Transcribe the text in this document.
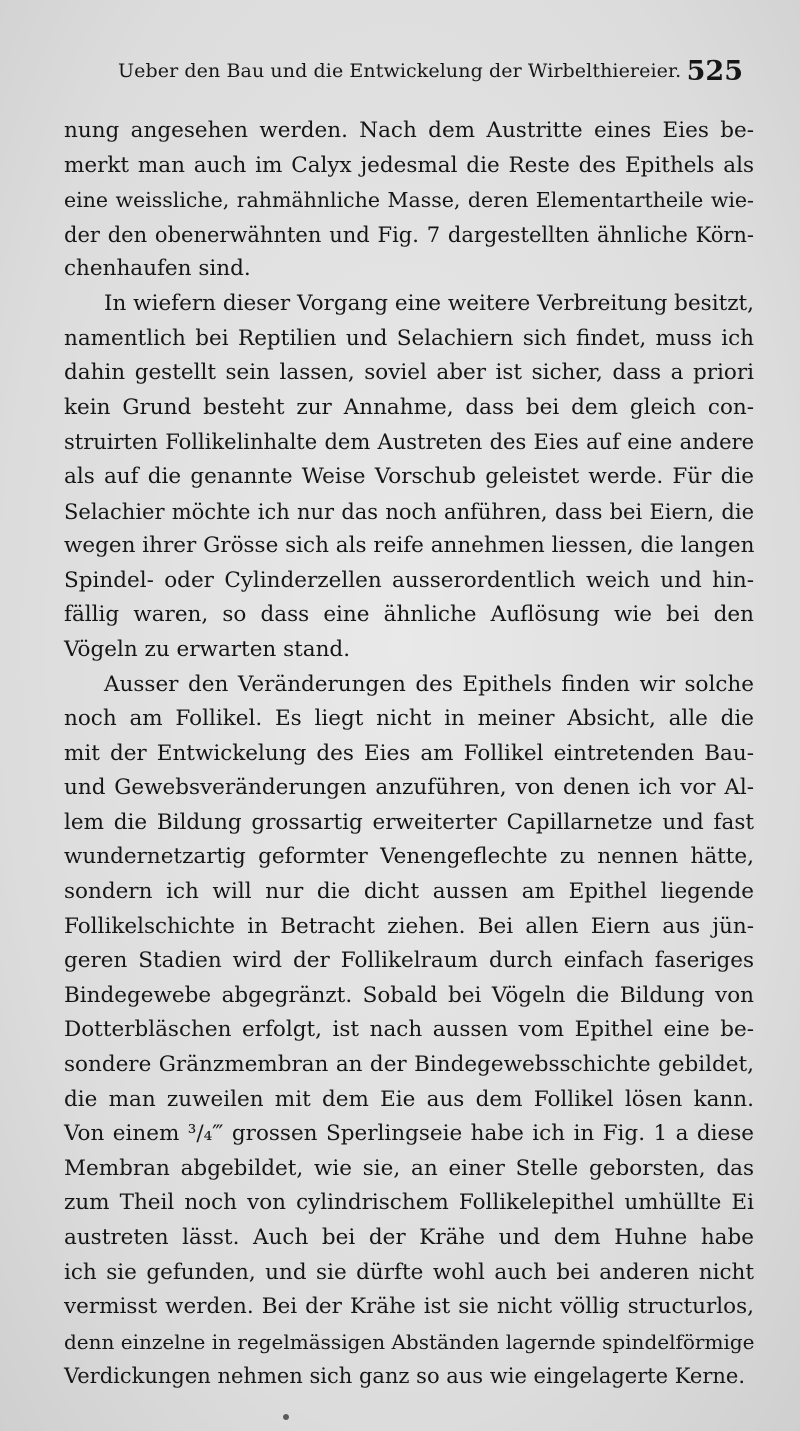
Ueber den Bau und die Entwickelung der Wirbelthiereier. 525
nung angesehen werden. Nach dem Austritte eines Eies be-
merkt man auch im Calyx jedesmal die Reste des Epithels als
eine weissliche, rahmähnliche Masse, deren Elementartheile wie-
der den obenerwähnten und Fig. 7 dargestellten ähnliche Körn-
chenhaufen sind.
In wiefern dieser Vorgang eine weitere Verbreitung besitzt,
namentlich bei Reptilien und Selachiern sich findet, muss ich
dahin gestellt sein lassen, soviel aber ist sicher, dass a priori
kein Grund besteht zur Annahme, dass bei dem gleich con-
struirten Follikelinhalte dem Austreten des Eies auf eine andere
als auf die genannte Weise Vorschub geleistet werde. Für die
Selachier möchte ich nur das noch anführen, dass bei Eiern, die
wegen ihrer Grösse sich als reife annehmen liessen, die langen
Spindel- oder Cylinderzellen ausserordentlich weich und hin-
fällig waren, so dass eine ähnliche Auflösung wie bei den
Vögeln zu erwarten stand.
Ausser den Veränderungen des Epithels finden wir solche
noch am Follikel. Es liegt nicht in meiner Absicht, alle die
mit der Entwickelung des Eies am Follikel eintretenden Bau-
und Gewebsveränderungen anzuführen, von denen ich vor Al-
lem die Bildung grossartig erweiterter Capillarnetze und fast
wundernetzartig geformter Venengeflechte zu nennen hätte,
sondern ich will nur die dicht aussen am Epithel liegende
Follikelschichte in Betracht ziehen. Bei allen Eiern aus jün-
geren Stadien wird der Follikelraum durch einfach faseriges
Bindegewebe abgegränzt. Sobald bei Vögeln die Bildung von
Dotterbläschen erfolgt, ist nach aussen vom Epithel eine be-
sondere Gränzmembran an der Bindegewebsschichte gebildet,
die man zuweilen mit dem Eie aus dem Follikel lösen kann.
Von einem ³/₄‴ grossen Sperlingseie habe ich in Fig. 1 a diese
Membran abgebildet, wie sie, an einer Stelle geborsten, das
zum Theil noch von cylindrischem Follikelepithel umhüllte Ei
austreten lässt. Auch bei der Krähe und dem Huhne habe
ich sie gefunden, und sie dürfte wohl auch bei anderen nicht
vermisst werden. Bei der Krähe ist sie nicht völlig structurlos,
denn einzelne in regelmässigen Abständen lagernde spindelförmige
Verdickungen nehmen sich ganz so aus wie eingelagerte Kerne.
